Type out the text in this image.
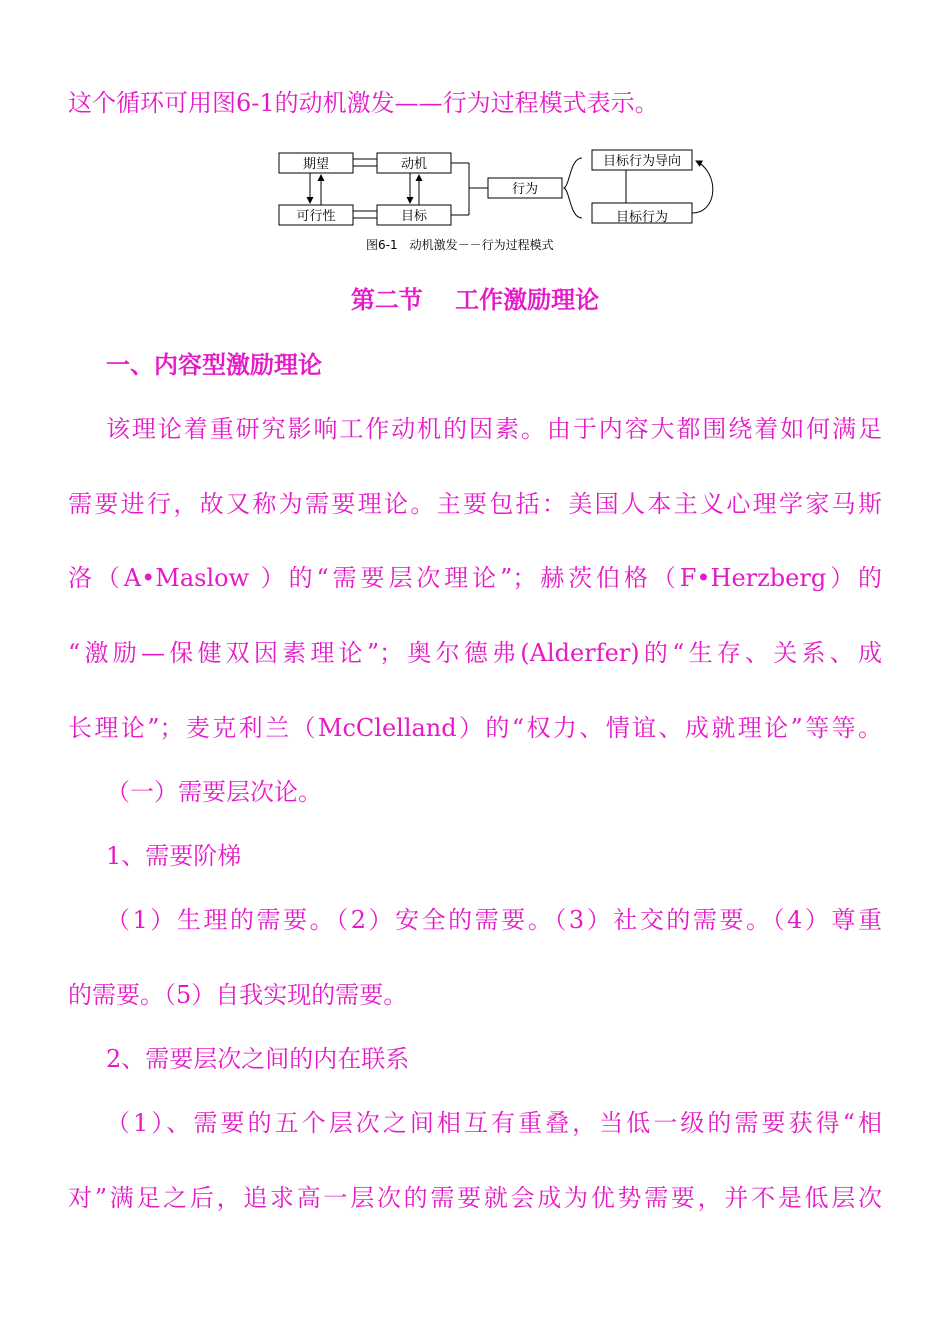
这个循环可用图6-1的动机激发——行为过程模式表示。
期望	动机
可行性	目标
行为
目标行为导向
目标行为
图6-1　动机激发－－行为过程模式
第二节　 工作激励理论
一、内容型激励理论
该理论着重研究影响工作动机的因素。由于内容大都围绕着如何满足
需要进行，故又称为需要理论。主要包括：美国人本主义心理学家马斯
洛（A•Maslow ）的“需要层次理论”；赫茨伯格（F•Herzberg）的
“激励—保健双因素理论”；奥尔德弗(Alderfer)的“生存、关系、成
长理论”；麦克利兰（McClelland）的“权力、情谊、成就理论”等等。
（一）需要层次论。
1、需要阶梯
（1）生理的需要。（2）安全的需要。（3）社交的需要。（4）尊重
的需要。（5）自我实现的需要。
2、需要层次之间的内在联系
（1）、需要的五个层次之间相互有重叠，当低一级的需要获得“相
对”满足之后，追求高一层次的需要就会成为优势需要，并不是低层次
